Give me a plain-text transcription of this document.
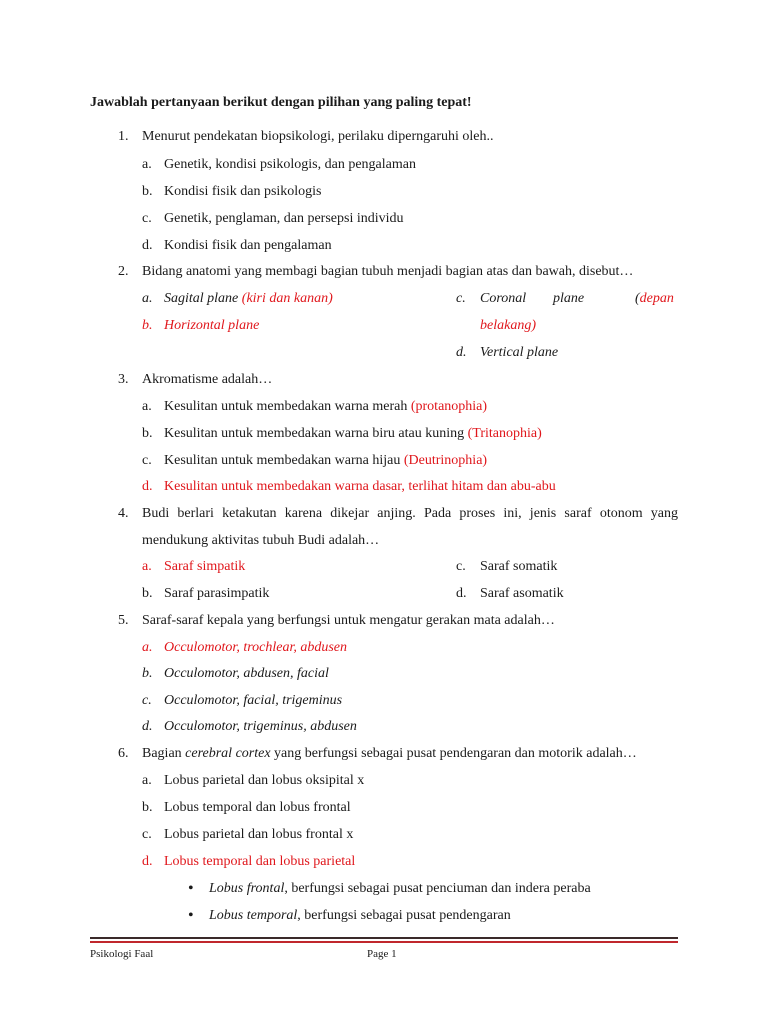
Jawablah pertanyaan berikut dengan pilihan yang paling tepat!
1. Menurut pendekatan biopsikologi, perilaku diperngaruhi oleh..
a. Genetik, kondisi psikologis, dan pengalaman
b. Kondisi fisik dan psikologis
c. Genetik, penglaman, dan persepsi individu
d. Kondisi fisik dan pengalaman
2. Bidang anatomi yang membagi bagian tubuh menjadi bagian atas dan bawah, disebut…
a. Sagital plane (kiri dan kanan)
b. Horizontal plane
c. Coronal plane	(depan
belakang)
d. Vertical plane
3. Akromatisme adalah…
a. Kesulitan untuk membedakan warna merah (protanophia)
b. Kesulitan untuk membedakan warna biru atau kuning (Tritanophia)
c. Kesulitan untuk membedakan warna hijau (Deutrinophia)
d. Kesulitan untuk membedakan warna dasar, terlihat hitam dan abu-abu
4. Budi berlari ketakutan karena dikejar anjing. Pada proses ini, jenis saraf otonom yang
mendukung aktivitas tubuh Budi adalah…
a. Saraf simpatik
b. Saraf parasimpatik
c. Saraf somatik
d. Saraf asomatik
5. Saraf-saraf kepala yang berfungsi untuk mengatur gerakan mata adalah…
a. Occulomotor, trochlear, abdusen
b. Occulomotor, abdusen, facial
c. Occulomotor, facial, trigeminus
d. Occulomotor, trigeminus, abdusen
6. Bagian cerebral cortex yang berfungsi sebagai pusat pendengaran dan motorik adalah…
a. Lobus parietal dan lobus oksipital x
b. Lobus temporal dan lobus frontal
c. Lobus parietal dan lobus frontal x
d. Lobus temporal dan lobus parietal
• Lobus frontal, berfungsi sebagai pusat penciuman dan indera peraba
• Lobus temporal, berfungsi sebagai pusat pendengaran
Psikologi Faal	Page 1
